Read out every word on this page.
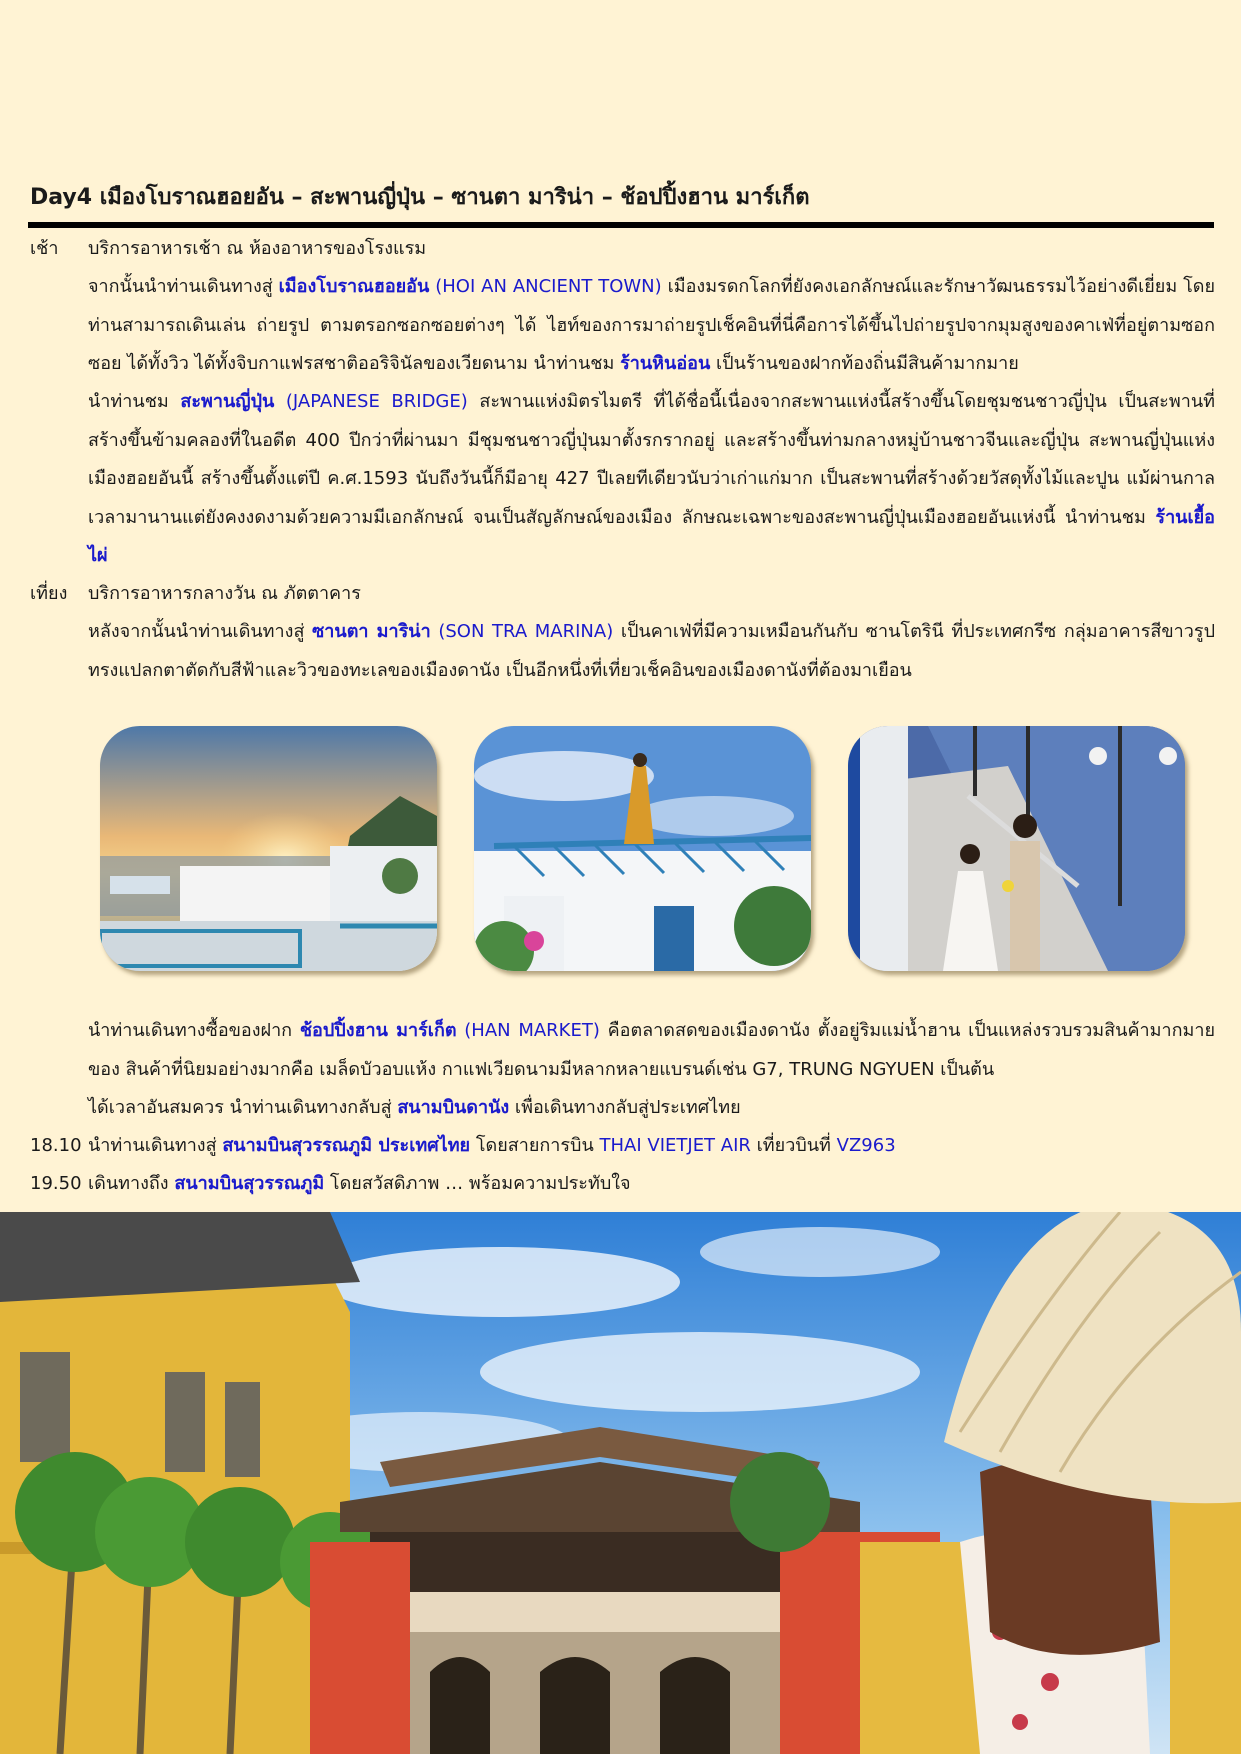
Day4 เมืองโบราณฮอยอัน – สะพานญี่ปุ่น – ซานตา มาริน่า – ช้อปปิ้งฮาน มาร์เก็ต
เช้า	บริการอาหารเช้า ณ ห้องอาหารของโรงแรม
จากนั้นนำท่านเดินทางสู่ เมืองโบราณฮอยอัน (HOI AN ANCIENT TOWN) เมืองมรดกโลกที่ยังคงเอกลักษณ์และรักษาวัฒนธรรมไว้อย่างดีเยี่ยม โดยท่านสามารถเดินเล่น ถ่ายรูป ตามตรอกซอกซอยต่างๆ ได้ ไฮท์ของการมาถ่ายรูปเช็คอินที่นี่คือการได้ขึ้นไปถ่ายรูปจากมุมสูงของคาเฟ่ที่อยู่ตามซอกซอย ได้ทั้งวิว ได้ทั้งจิบกาแฟรสชาติออริจินัลของเวียดนาม นำท่านชม ร้านหินอ่อน เป็นร้านของฝากท้องถิ่นมีสินค้ามากมาย
นำท่านชม สะพานญี่ปุ่น (JAPANESE BRIDGE) สะพานแห่งมิตรไมตรี ที่ได้ชื่อนี้เนื่องจากสะพานแห่งนี้สร้างขึ้นโดยชุมชนชาวญี่ปุ่น เป็นสะพานที่สร้างขึ้นข้ามคลองที่ในอดีต 400 ปีกว่าที่ผ่านมา มีชุมชนชาวญี่ปุ่นมาตั้งรกรากอยู่ และสร้างขึ้นท่ามกลางหมู่บ้านชาวจีนและญี่ปุ่น สะพานญี่ปุ่นแห่งเมืองฮอยอันนี้ สร้างขึ้นตั้งแต่ปี ค.ศ.1593 นับถึงวันนี้ก็มีอายุ 427 ปีเลยทีเดียวนับว่าเก่าแก่มาก เป็นสะพานที่สร้างด้วยวัสดุทั้งไม้และปูน แม้ผ่านกาลเวลามานานแต่ยังคงงดงามด้วยความมีเอกลักษณ์ จนเป็นสัญลักษณ์ของเมือง ลักษณะเฉพาะของสะพานญี่ปุ่นเมืองฮอยอันแห่งนี้ นำท่านชม ร้านเยื้อไผ่
เที่ยง	บริการอาหารกลางวัน ณ ภัตตาคาร
หลังจากนั้นนำท่านเดินทางสู่ ซานตา มาริน่า (SON TRA MARINA) เป็นคาเฟ่ที่มีความเหมือนกันกับ ซานโตรินี ที่ประเทศกรีซ กลุ่มอาคารสีขาวรูปทรงแปลกตาตัดกับสีฟ้าและวิวของทะเลของเมืองดานัง เป็นอีกหนึ่งที่เที่ยวเช็คอินของเมืองดานังที่ต้องมาเยือน
นำท่านเดินทางซื้อของฝาก ช้อปปิ้งฮาน มาร์เก็ต (HAN MARKET) คือตลาดสดของเมืองดานัง ตั้งอยู่ริมแม่น้ำฮาน เป็นแหล่งรวบรวมสินค้ามากมายของ สินค้าที่นิยมอย่างมากคือ เมล็ดบัวอบแห้ง กาแฟเวียดนามมีหลากหลายแบรนด์เช่น G7, TRUNG NGYUEN เป็นต้น
ได้เวลาอันสมควร นำท่านเดินทางกลับสู่ สนามบินดานัง เพื่อเดินทางกลับสู่ประเทศไทย
18.10 นำท่านเดินทางสู่ สนามบินสุวรรณภูมิ ประเทศไทย โดยสายการบิน THAI VIETJET AIR เที่ยวบินที่ VZ963
19.50 เดินทางถึง สนามบินสุวรรณภูมิ โดยสวัสดิภาพ … พร้อมความประทับใจ
